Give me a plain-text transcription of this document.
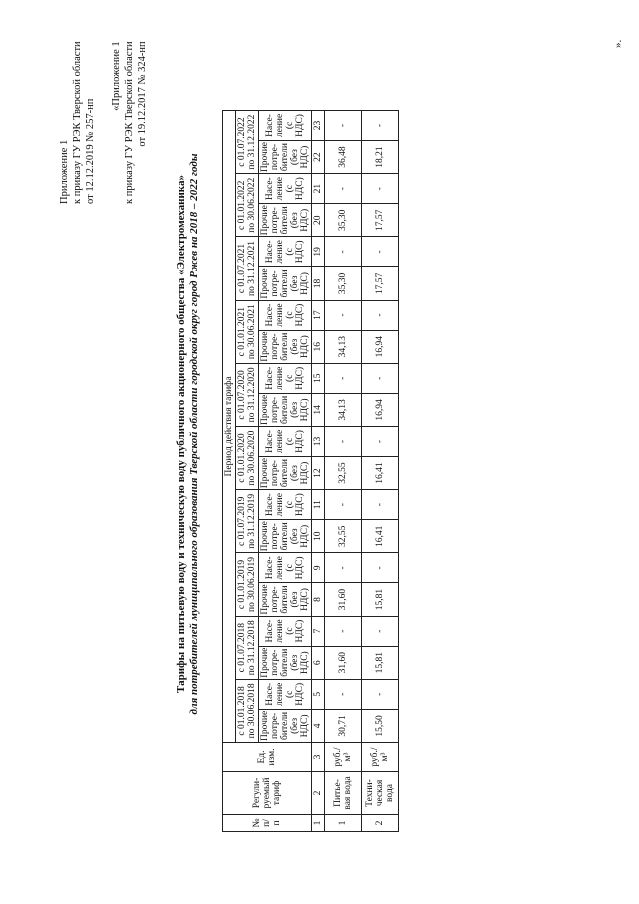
Приложение 1 к приказу ГУ РЭК Тверской области от 12.12.2019 № 257-нп
«Приложение 1 к приказу ГУ РЭК Тверской области от 19.12.2017 № 324-нп
Тарифы на питьевую воду и техническую воду публичного акционерного общества «Электромеханика» для потребителей муниципального образования Тверской области городской округ город Ржев на 2018 – 2022 годы
№ п/ п	Регули-руемый тариф	Ед. изм.	Период действия тарифа																			
			с 01.01.2018 по 30.06.2018		с 01.07.2018 по 31.12.2018		с 01.01.2019 по 30.06.2019		с 01.07.2019 по 31.12.2019		с 01.01.2020 по 30.06.2020		с 01.07.2020 по 31.12.2020		с 01.01.2021 по 30.06.2021		с 01.07.2021 по 31.12.2021		с 01.01.2022 по 30.06.2022		с 01.07.2022 по 31.12.2022	
			Прочие потре-бители (без НДС)	Насе-ление (с НДС)	Прочие потре-бители (без НДС)	Насе-ление (с НДС)	Прочие потре-бители (без НДС)	Насе-ление (с НДС)	Прочие потре-бители (без НДС)	Насе-ление (с НДС)	Прочие потре-бители (без НДС)	Насе-ление (с НДС)	Прочие потре-бители (без НДС)	Насе-ление (с НДС)	Прочие потре-бители (без НДС)	Насе-ление (с НДС)	Прочие потре-бители (без НДС)	Насе-ление (с НДС)	Прочие потре-бители (без НДС)	Насе-ление (с НДС)	Прочие потре-бители (без НДС)	Насе-ление (с НДС)
1	2	3	4	5	6	7	8	9	10	11	12	13	14	15	16	17	18	19	20	21	22	23
1	Питье-вая вода	руб./м³	30,71	-	31,60	-	31,60	-	32,55	-	32,55	-	34,13	-	34,13	-	35,30	-	35,30	-	36,48	-
2	Техни-ческая вода	руб./м³	15,50	-	15,81	-	15,81	-	16,41	-	16,41	-	16,94	-	16,94	-	17,57	-	17,57	-	18,21	-
».
